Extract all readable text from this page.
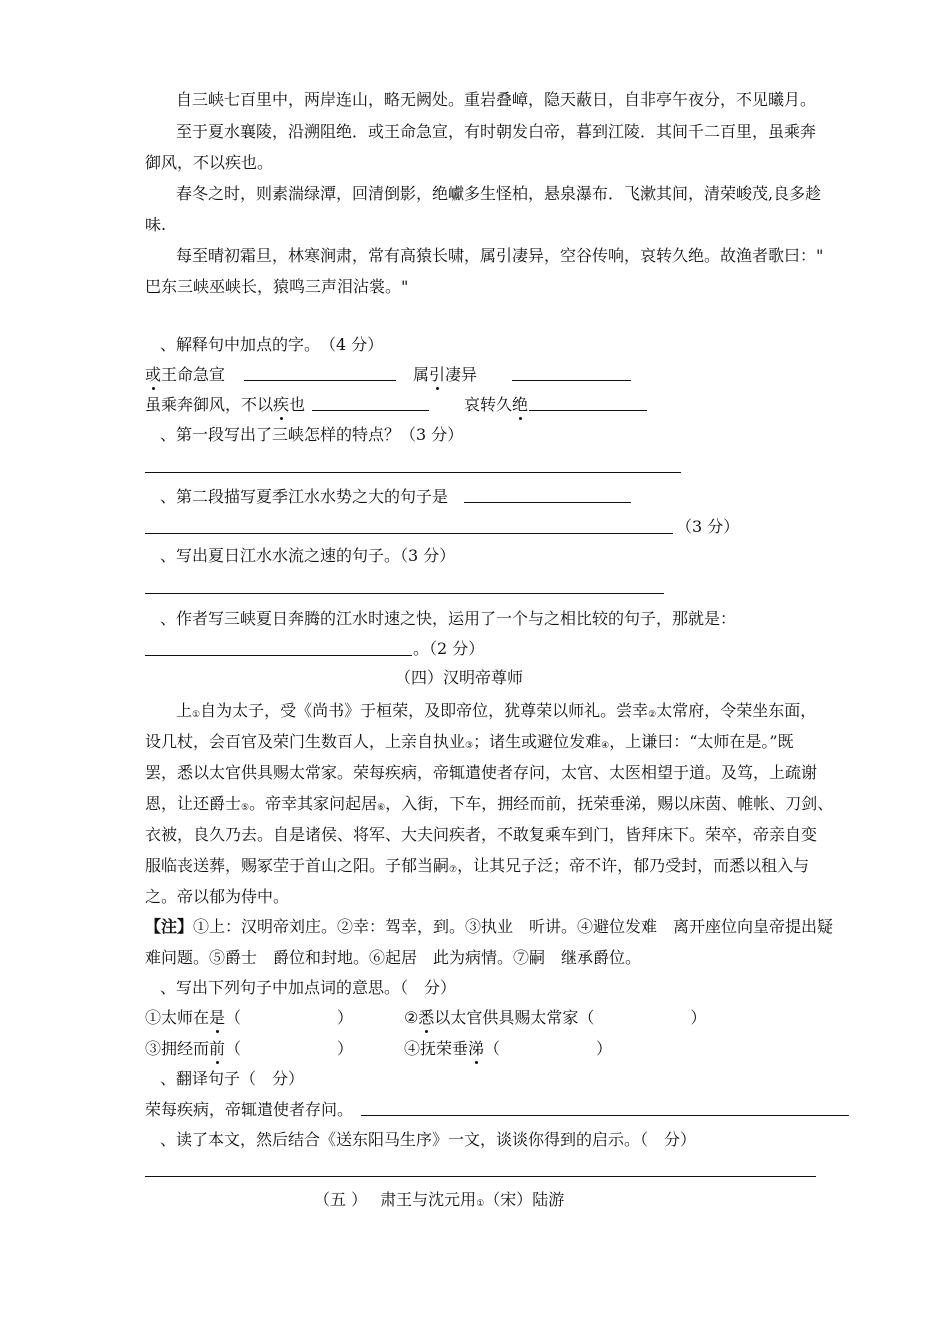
自三峡七百里中，两岸连山，略无阙处。重岩叠嶂，隐天蔽日，自非亭午夜分，不见曦月。
至于夏水襄陵，沿溯阻绝．或王命急宣，有时朝发白帝，暮到江陵．其间千二百里，虽乘奔
御风，不以疾也。
春冬之时，则素湍绿潭，回清倒影，绝巘多生怪柏，悬泉瀑布．飞漱其间，清荣峻茂,良多趁
味.
每至晴初霜旦，林寒涧肃，常有高猿长啸，属引凄异，空谷传响，哀转久绝。故渔者歌曰："
巴东三峡巫峡长，猿鸣三声泪沾裳。"
、解释句中加点的字。　（4 分）
或王命急宣	属引凄异
虽乘奔御风，不以疾也	哀转久绝
、第一段写出了三峡怎样的特点？（3 分）
、第二段描写夏季江水水势之大的句子是
（3 分）
、写出夏日江水水流之速的句子。（3 分）
、作者写三峡夏日奔腾的江水时速之快，运用了一个与之相比较的句子，那就是：
。（2 分）
（四）汉明帝尊师
上$_①$自为太子，受《尚书》于桓荣，及即帝位，犹尊荣以师礼。尝幸$_②$太常府，令荣坐东面，
设几杖，会百官及荣门生数百人，上亲自执业$_③$；诸生或避位发难$_④$，上谦曰：“太师在是。”既
罢，悉以太官供具赐太常家。荣每疾病，帝辄遣使者存问，太官、太医相望于道。及笃，上疏谢
恩，让还爵士$_⑤$。帝幸其家问起居$_⑥$，入街，下车，拥经而前，抚荣垂涕，赐以床茵、帷帐、刀剑、
衣被，良久乃去。自是诸侯、将军、大夫问疾者，不敢复乘车到门，皆拜床下。荣卒，帝亲自变
服临丧送葬，赐冢茔于首山之阳。子郁当嗣$_⑦$，让其兄子泛；帝不许，郁乃受封，而悉以租入与
之。帝以郁为侍中。
【注】①上：汉明帝刘庄。②幸：驾幸，到。③执业　听讲。④避位发难　离开座位向皇帝提出疑
难问题。⑤爵士　爵位和封地。⑥起居　此为病情。⑦嗣　继承爵位。
、写出下列句子中加点词的意思。（　分）
①太师在是（　　　　　　）	②悉以太官供具赐太常家（　　　　　　）
③拥经而前（　　　　　　）	④抚荣垂涕（　　　　　　）
、翻译句子（　分）
荣每疾病，帝辄遣使者存问。
、读了本文，然后结合《送东阳马生序》一文，谈谈你得到的启示。（　分）
（五 ）　 肃王与沈元用$_①$（宋）陆游
